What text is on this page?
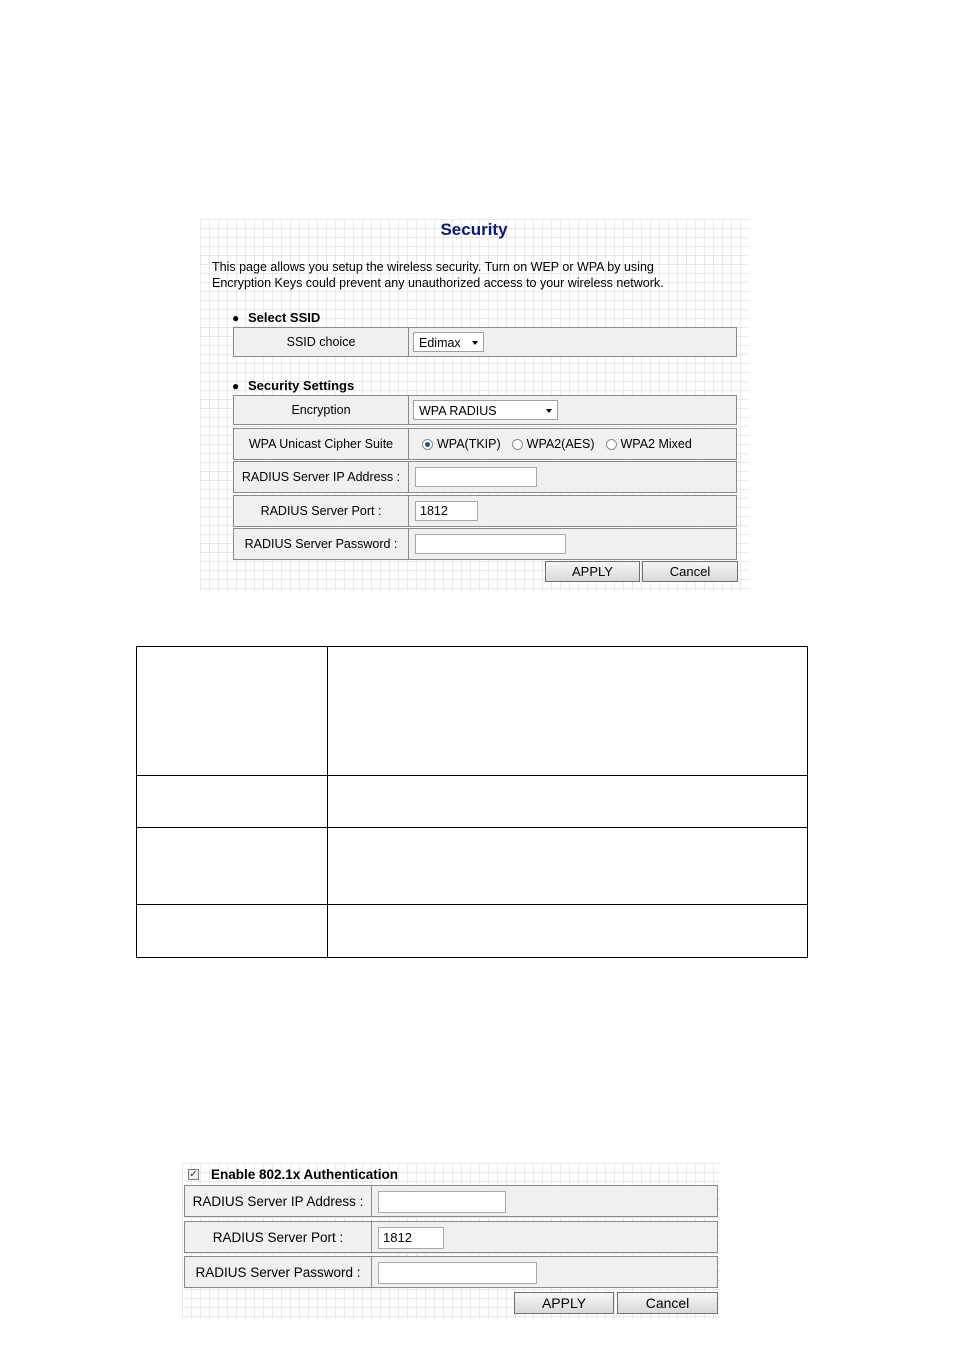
Security
This page allows you setup the wireless security. Turn on WEP or WPA by using
Encryption Keys could prevent any unauthorized access to your wireless network.
● Select SSID
SSID choice	Edimax
● Security Settings
Encryption	WPA RADIUS
WPA Unicast Cipher Suite	WPA(TKIP) WPA2(AES) WPA2 Mixed
RADIUS Server IP Address :
RADIUS Server Port :	1812
RADIUS Server Password :
APPLY	Cancel

✓ Enable 802.1x Authentication
RADIUS Server IP Address :
RADIUS Server Port :	1812
RADIUS Server Password :
APPLY	Cancel
